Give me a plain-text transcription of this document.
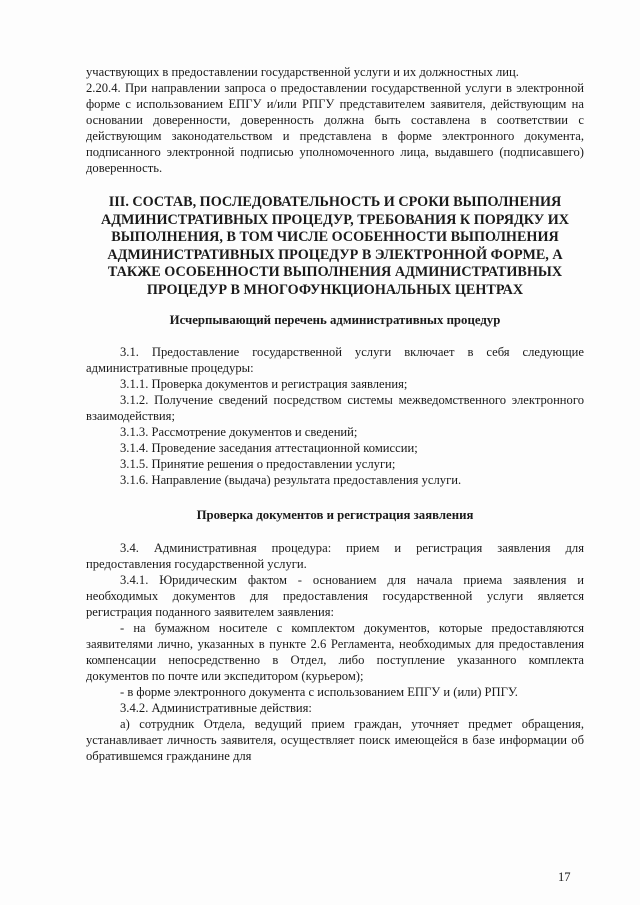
участвующих в предоставлении государственной услуги и их должностных лиц.

2.20.4. При направлении запроса о предоставлении государственной услуги в электронной форме с использованием ЕПГУ и/или РПГУ представителем заявителя, действующим на основании доверенности, доверенность должна быть составлена в соответствии с действующим законодательством и представлена в форме электронного документа, подписанного электронной подписью уполномоченного лица, выдавшего (подписавшего) доверенность.

III. СОСТАВ, ПОСЛЕДОВАТЕЛЬНОСТЬ И СРОКИ ВЫПОЛНЕНИЯ АДМИНИСТРАТИВНЫХ ПРОЦЕДУР, ТРЕБОВАНИЯ К ПОРЯДКУ ИХ ВЫПОЛНЕНИЯ, В ТОМ ЧИСЛЕ ОСОБЕННОСТИ ВЫПОЛНЕНИЯ АДМИНИСТРАТИВНЫХ ПРОЦЕДУР В ЭЛЕКТРОННОЙ ФОРМЕ, А ТАКЖЕ ОСОБЕННОСТИ ВЫПОЛНЕНИЯ АДМИНИСТРАТИВНЫХ ПРОЦЕДУР В МНОГОФУНКЦИОНАЛЬНЫХ ЦЕНТРАХ
Исчерпывающий перечень административных процедур

3.1. Предоставление государственной услуги включает в себя следующие административные процедуры:

3.1.1. Проверка документов и регистрация заявления;

3.1.2. Получение сведений посредством системы межведомственного электронного взаимодействия;

3.1.3. Рассмотрение документов и сведений;

3.1.4. Проведение заседания аттестационной комиссии;

3.1.5. Принятие решения о предоставлении услуги;

3.1.6. Направление (выдача) результата предоставления услуги.

Проверка документов и регистрация заявления

3.4. Административная процедура: прием и регистрация заявления для предоставления государственной услуги.

3.4.1. Юридическим фактом - основанием для начала приема заявления и необходимых документов для предоставления государственной услуги является регистрация поданного заявителем заявления:

- на бумажном носителе с комплектом документов, которые предоставляются заявителями лично, указанных в пункте 2.6 Регламента, необходимых для предоставления компенсации непосредственно в Отдел, либо поступление указанного комплекта документов по почте или экспедитором (курьером);

- в форме электронного документа с использованием ЕПГУ и (или) РПГУ.

3.4.2. Административные действия:

а) сотрудник Отдела, ведущий прием граждан, уточняет предмет обращения, устанавливает личность заявителя, осуществляет поиск имеющейся в базе информации об обратившемся гражданине для

17
